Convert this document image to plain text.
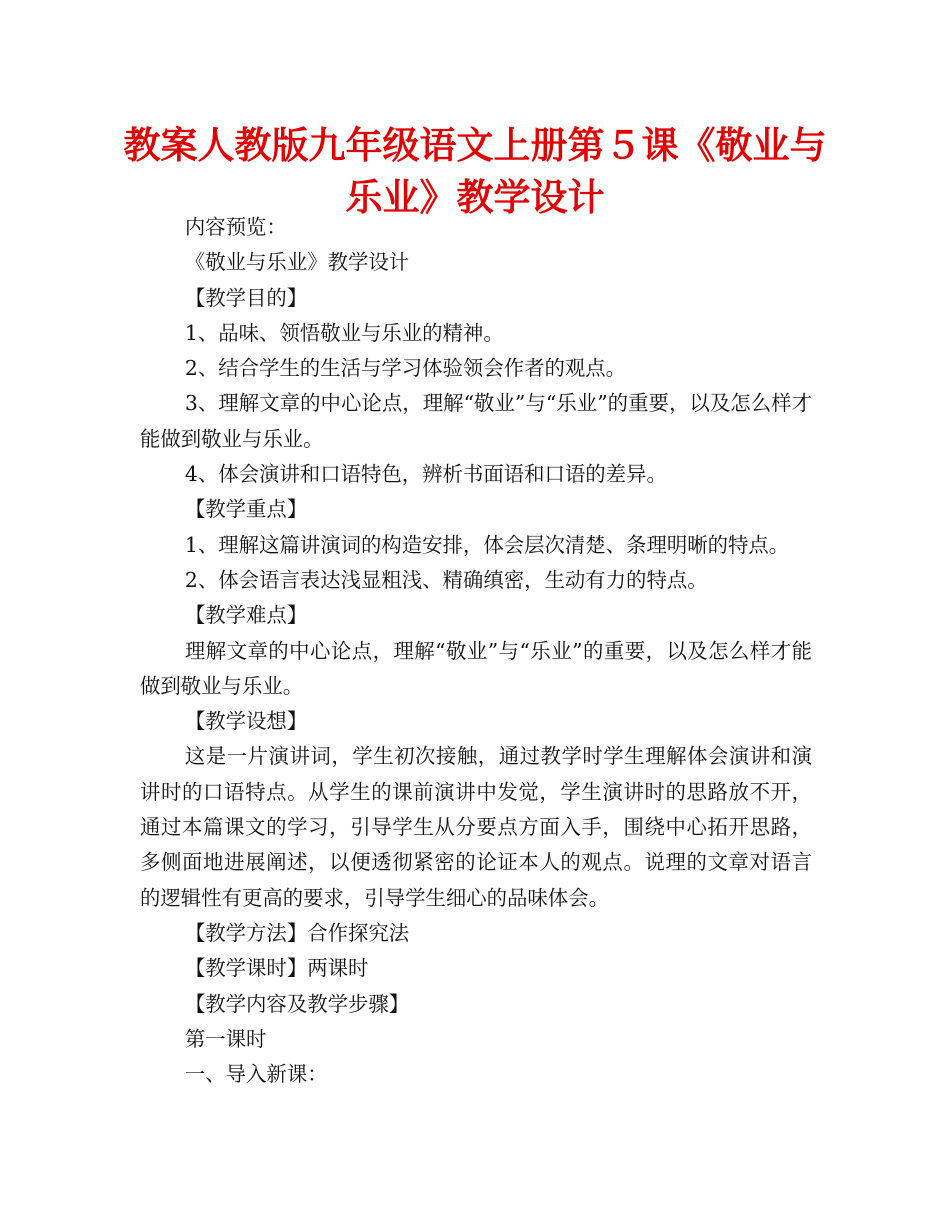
教案人教版九年级语文上册第５课《敬业与乐业》教学设计

内容预览：

《敬业与乐业》教学设计

【教学目的】

1、品味、领悟敬业与乐业的精神。

2、结合学生的生活与学习体验领会作者的观点。

3、理解文章的中心论点，理解“敬业”与“乐业”的重要，以及怎么样才能做到敬业与乐业。

4、体会演讲和口语特色，辨析书面语和口语的差异。

【教学重点】

1、理解这篇讲演词的构造安排，体会层次清楚、条理明晰的特点。

2、体会语言表达浅显粗浅、精确缜密，生动有力的特点。

【教学难点】

理解文章的中心论点，理解“敬业”与“乐业”的重要，以及怎么样才能做到敬业与乐业。

【教学设想】

这是一片演讲词，学生初次接触，通过教学时学生理解体会演讲和演讲时的口语特点。从学生的课前演讲中发觉，学生演讲时的思路放不开，通过本篇课文的学习，引导学生从分要点方面入手，围绕中心拓开思路，多侧面地进展阐述，以便透彻紧密的论证本人的观点。说理的文章对语言的逻辑性有更高的要求，引导学生细心的品味体会。

【教学方法】合作探究法

【教学课时】两课时

【教学内容及教学步骤】

第一课时

一、导入新课：
